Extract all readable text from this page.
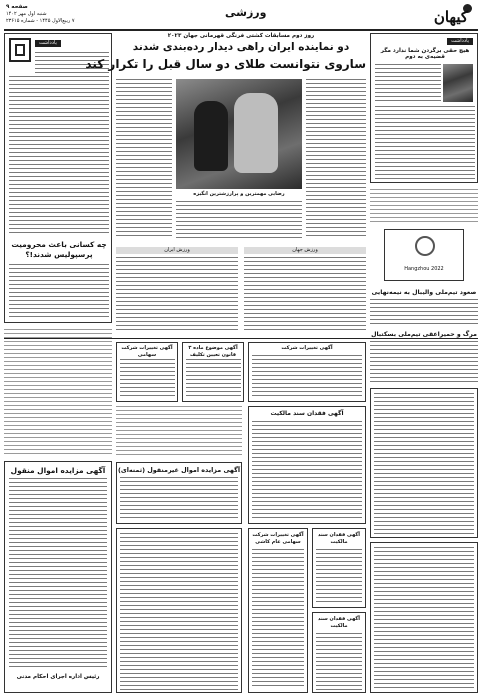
صفحه ۹
شنبه اول مهر ۱۴۰۲
۷ ربیع‌الاول ۱۴۴۵ - شماره ۲۳۶۱۵
ورزشی	کیهان
یادداشت
چه کسانی باعث محرومیت پرسپولیس شدند!؟
آگهی مزایده اموال منقول
رئیس اداره اجرای احکام مدنی
روز دوم مسابقات کشتی فرنگی قهرمانی جهان ۲۰۲۳
دو نماینده ایران راهی دیدار رده‌بندی شدند
ساروی نتوانست طلای دو سال قبل را تکرار کند
رضایی مهمترین و پرارزشترین انگیزه
یادداشت
هیچ حقی برگردن شما ندارد مگر قضیه‌ی به دوم
Hangzhou 2022
صعود تیم‌ملی والیبال به نیمه‌نهایی
مرگ و حمیراعقی تیم‌ملی بسکتبال
ورزش ایران	ورزش جهان
آگهی تغییرات شرکت سهامی
آگهی موضوع ماده ۳ قانون تعیین تکلیف
آگهی تغییرات شرکت
آگهی فقدان سند مالکیت
آگهی مزایده اموال غیرمنقول (ثمنه‌ای)
آگهی تغییرات شرکت سهامی عام کاشی
آگهی فقدان سند مالکیت
آگهی فقدان سند مالکیت
